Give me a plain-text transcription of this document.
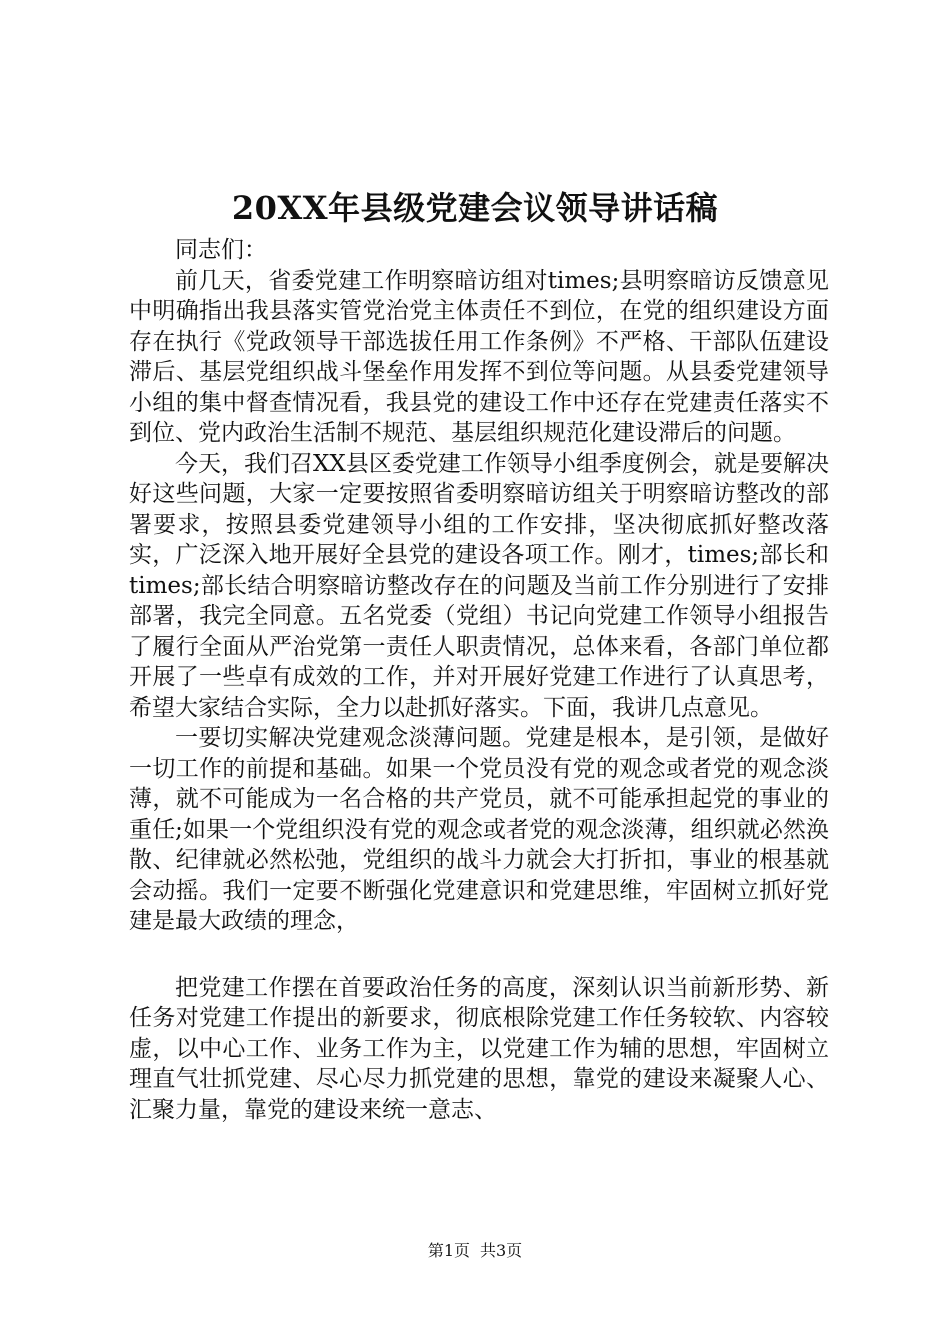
20XX年县级党建会议领导讲话稿

同志们：

前几天，省委党建工作明察暗访组对times;县明察暗访反馈意见中明确指出我县落实管党治党主体责任不到位，在党的组织建设方面存在执行《党政领导干部选拔任用工作条例》不严格、干部队伍建设滞后、基层党组织战斗堡垒作用发挥不到位等问题。从县委党建领导小组的集中督查情况看，我县党的建设工作中还存在党建责任落实不到位、党内政治生活制不规范、基层组织规范化建设滞后的问题。

今天，我们召XX县区委党建工作领导小组季度例会，就是要解决好这些问题，大家一定要按照省委明察暗访组关于明察暗访整改的部署要求，按照县委党建领导小组的工作安排，坚决彻底抓好整改落实，广泛深入地开展好全县党的建设各项工作。刚才，times;部长和times;部长结合明察暗访整改存在的问题及当前工作分别进行了安排部署，我完全同意。五名党委（党组）书记向党建工作领导小组报告了履行全面从严治党第一责任人职责情况，总体来看，各部门单位都开展了一些卓有成效的工作，并对开展好党建工作进行了认真思考，希望大家结合实际，全力以赴抓好落实。下面，我讲几点意见。

一要切实解决党建观念淡薄问题。党建是根本，是引领，是做好一切工作的前提和基础。如果一个党员没有党的观念或者党的观念淡薄，就不可能成为一名合格的共产党员，就不可能承担起党的事业的重任;如果一个党组织没有党的观念或者党的观念淡薄，组织就必然涣散、纪律就必然松弛，党组织的战斗力就会大打折扣，事业的根基就会动摇。我们一定要不断强化党建意识和党建思维，牢固树立抓好党建是最大政绩的理念，

把党建工作摆在首要政治任务的高度，深刻认识当前新形势、新任务对党建工作提出的新要求，彻底根除党建工作任务较软、内容较虚，以中心工作、业务工作为主，以党建工作为辅的思想，牢固树立理直气壮抓党建、尽心尽力抓党建的思想，靠党的建设来凝聚人心、汇聚力量，靠党的建设来统一意志、

第1页 共3页
